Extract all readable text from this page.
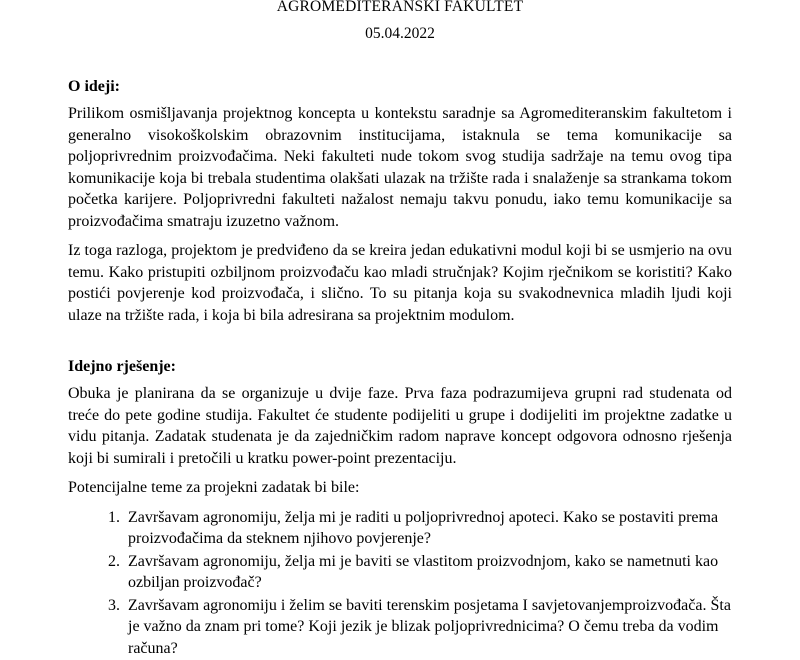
AGROMEDITERANSKI FAKULTET
05.04.2022
O ideji:

Prilikom osmišljavanja projektnog koncepta u kontekstu saradnje sa Agromediteranskim fakultetom i generalno visokoškolskim obrazovnim institucijama, istaknula se tema komunikacije sa poljoprivrednim proizvođačima. Neki fakulteti nude tokom svog studija sadržaje na temu ovog tipa komunikacije koja bi trebala studentima olakšati ulazak na tržište rada i snalaženje sa strankama tokom početka karijere. Poljoprivredni fakulteti nažalost nemaju takvu ponudu, iako temu komunikacije sa proizvođačima smatraju izuzetno važnom.

Iz toga razloga, projektom je predviđeno da se kreira jedan edukativni modul koji bi se usmjerio na ovu temu. Kako pristupiti ozbiljnom proizvođaču kao mladi stručnjak? Kojim rječnikom se koristiti? Kako postići povjerenje kod proizvođača, i slično. To su pitanja koja su svakodnevnica mladih ljudi koji ulaze na tržište rada, i koja bi bila adresirana sa projektnim modulom.

Idejno rješenje:

Obuka je planirana da se organizuje u dvije faze. Prva faza podrazumijeva grupni rad studenata od treće do pete godine studija. Fakultet će studente podijeliti u grupe i dodijeliti im projektne zadatke u vidu pitanja. Zadatak studenata je da zajedničkim radom naprave koncept odgovora odnosno rješenja koji bi sumirali i pretočili u kratku power-point prezentaciju.

Potencijalne teme za projekni zadatak bi bile:

1. Završavam agronomiju, želja mi je raditi u poljoprivrednoj apoteci. Kako se postaviti prema proizvođačima da steknem njihovo povjerenje?
2. Završavam agronomiju, želja mi je baviti se vlastitom proizvodnjom, kako se nametnuti kao ozbiljan proizvođač?
3. Završavam agronomiju i želim se baviti terenskim posjetama I savjetovanjemproizvođača. Šta je važno da znam pri tome? Koji jezik je blizak poljoprivrednicima? O čemu treba da vodim računa?
